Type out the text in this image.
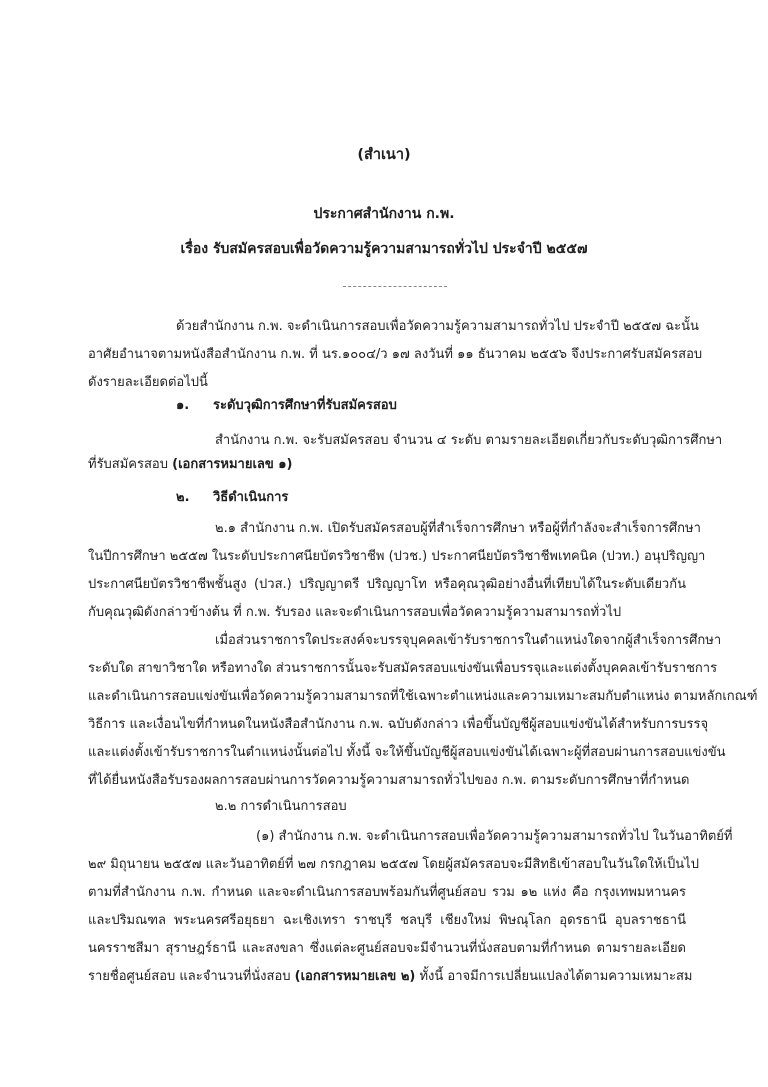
(สำเนา)
ประกาศสำนักงาน ก.พ.
เรื่อง รับสมัครสอบเพื่อวัดความรู้ความสามารถทั่วไป ประจำปี ๒๕๕๗
ด้วยสำนักงาน ก.พ. จะดำเนินการสอบเพื่อวัดความรู้ความสามารถทั่วไป ประจำปี ๒๕๕๗ ฉะนั้น
อาศัยอำนาจตามหนังสือสำนักงาน ก.พ. ที่ นร.๑๐๐๔/ว ๑๗ ลงวันที่ ๑๑ ธันวาคม ๒๕๕๖ จึงประกาศรับสมัครสอบ
ดังรายละเอียดต่อไปนี้
๑. ระดับวุฒิการศึกษาที่รับสมัครสอบ
สำนักงาน ก.พ. จะรับสมัครสอบ จำนวน ๔ ระดับ ตามรายละเอียดเกี่ยวกับระดับวุฒิการศึกษา
ที่รับสมัครสอบ (เอกสารหมายเลข ๑)
๒. วิธีดำเนินการ
๒.๑ สำนักงาน ก.พ. เปิดรับสมัครสอบผู้ที่สำเร็จการศึกษา หรือผู้ที่กำลังจะสำเร็จการศึกษา
ในปีการศึกษา ๒๕๕๗ ในระดับประกาศนียบัตรวิชาชีพ (ปวช.) ประกาศนียบัตรวิชาชีพเทคนิค (ปวท.) อนุปริญญา
ประกาศนียบัตรวิชาชีพชั้นสูง (ปวส.) ปริญญาตรี ปริญญาโท หรือคุณวุฒิอย่างอื่นที่เทียบได้ในระดับเดียวกัน
กับคุณวุฒิดังกล่าวข้างต้น ที่ ก.พ. รับรอง และจะดำเนินการสอบเพื่อวัดความรู้ความสามารถทั่วไป
เมื่อส่วนราชการใดประสงค์จะบรรจุบุคคลเข้ารับราชการในตำแหน่งใดจากผู้สำเร็จการศึกษา
ระดับใด สาขาวิชาใด หรือทางใด ส่วนราชการนั้นจะรับสมัครสอบแข่งขันเพื่อบรรจุและแต่งตั้งบุคคลเข้ารับราชการ
และดำเนินการสอบแข่งขันเพื่อวัดความรู้ความสามารถที่ใช้เฉพาะตำแหน่งและความเหมาะสมกับตำแหน่ง ตามหลักเกณฑ์
วิธีการ และเงื่อนไขที่กำหนดในหนังสือสำนักงาน ก.พ. ฉบับดังกล่าว เพื่อขึ้นบัญชีผู้สอบแข่งขันได้สำหรับการบรรจุ
และแต่งตั้งเข้ารับราชการในตำแหน่งนั้นต่อไป ทั้งนี้ จะให้ขึ้นบัญชีผู้สอบแข่งขันได้เฉพาะผู้ที่สอบผ่านการสอบแข่งขัน
ที่ได้ยื่นหนังสือรับรองผลการสอบผ่านการวัดความรู้ความสามารถทั่วไปของ ก.พ. ตามระดับการศึกษาที่กำหนด
๒.๒ การดำเนินการสอบ
(๑) สำนักงาน ก.พ. จะดำเนินการสอบเพื่อวัดความรู้ความสามารถทั่วไป ในวันอาทิตย์ที่
๒๙ มิถุนายน ๒๕๕๗ และวันอาทิตย์ที่ ๒๗ กรกฎาคม ๒๕๕๗ โดยผู้สมัครสอบจะมีสิทธิเข้าสอบในวันใดให้เป็นไป
ตามที่สำนักงาน ก.พ. กำหนด และจะดำเนินการสอบพร้อมกันที่ศูนย์สอบ รวม ๑๒ แห่ง คือ กรุงเทพมหานคร
และปริมณฑล พระนครศรีอยุธยา ฉะเชิงเทรา ราชบุรี ชลบุรี เชียงใหม่ พิษณุโลก อุดรธานี อุบลราชธานี
นครราชสีมา สุราษฎร์ธานี และสงขลา ซึ่งแต่ละศูนย์สอบจะมีจำนวนที่นั่งสอบตามที่กำหนด ตามรายละเอียด
รายชื่อศูนย์สอบ และจำนวนที่นั่งสอบ (เอกสารหมายเลข ๒) ทั้งนี้ อาจมีการเปลี่ยนแปลงได้ตามความเหมาะสม
